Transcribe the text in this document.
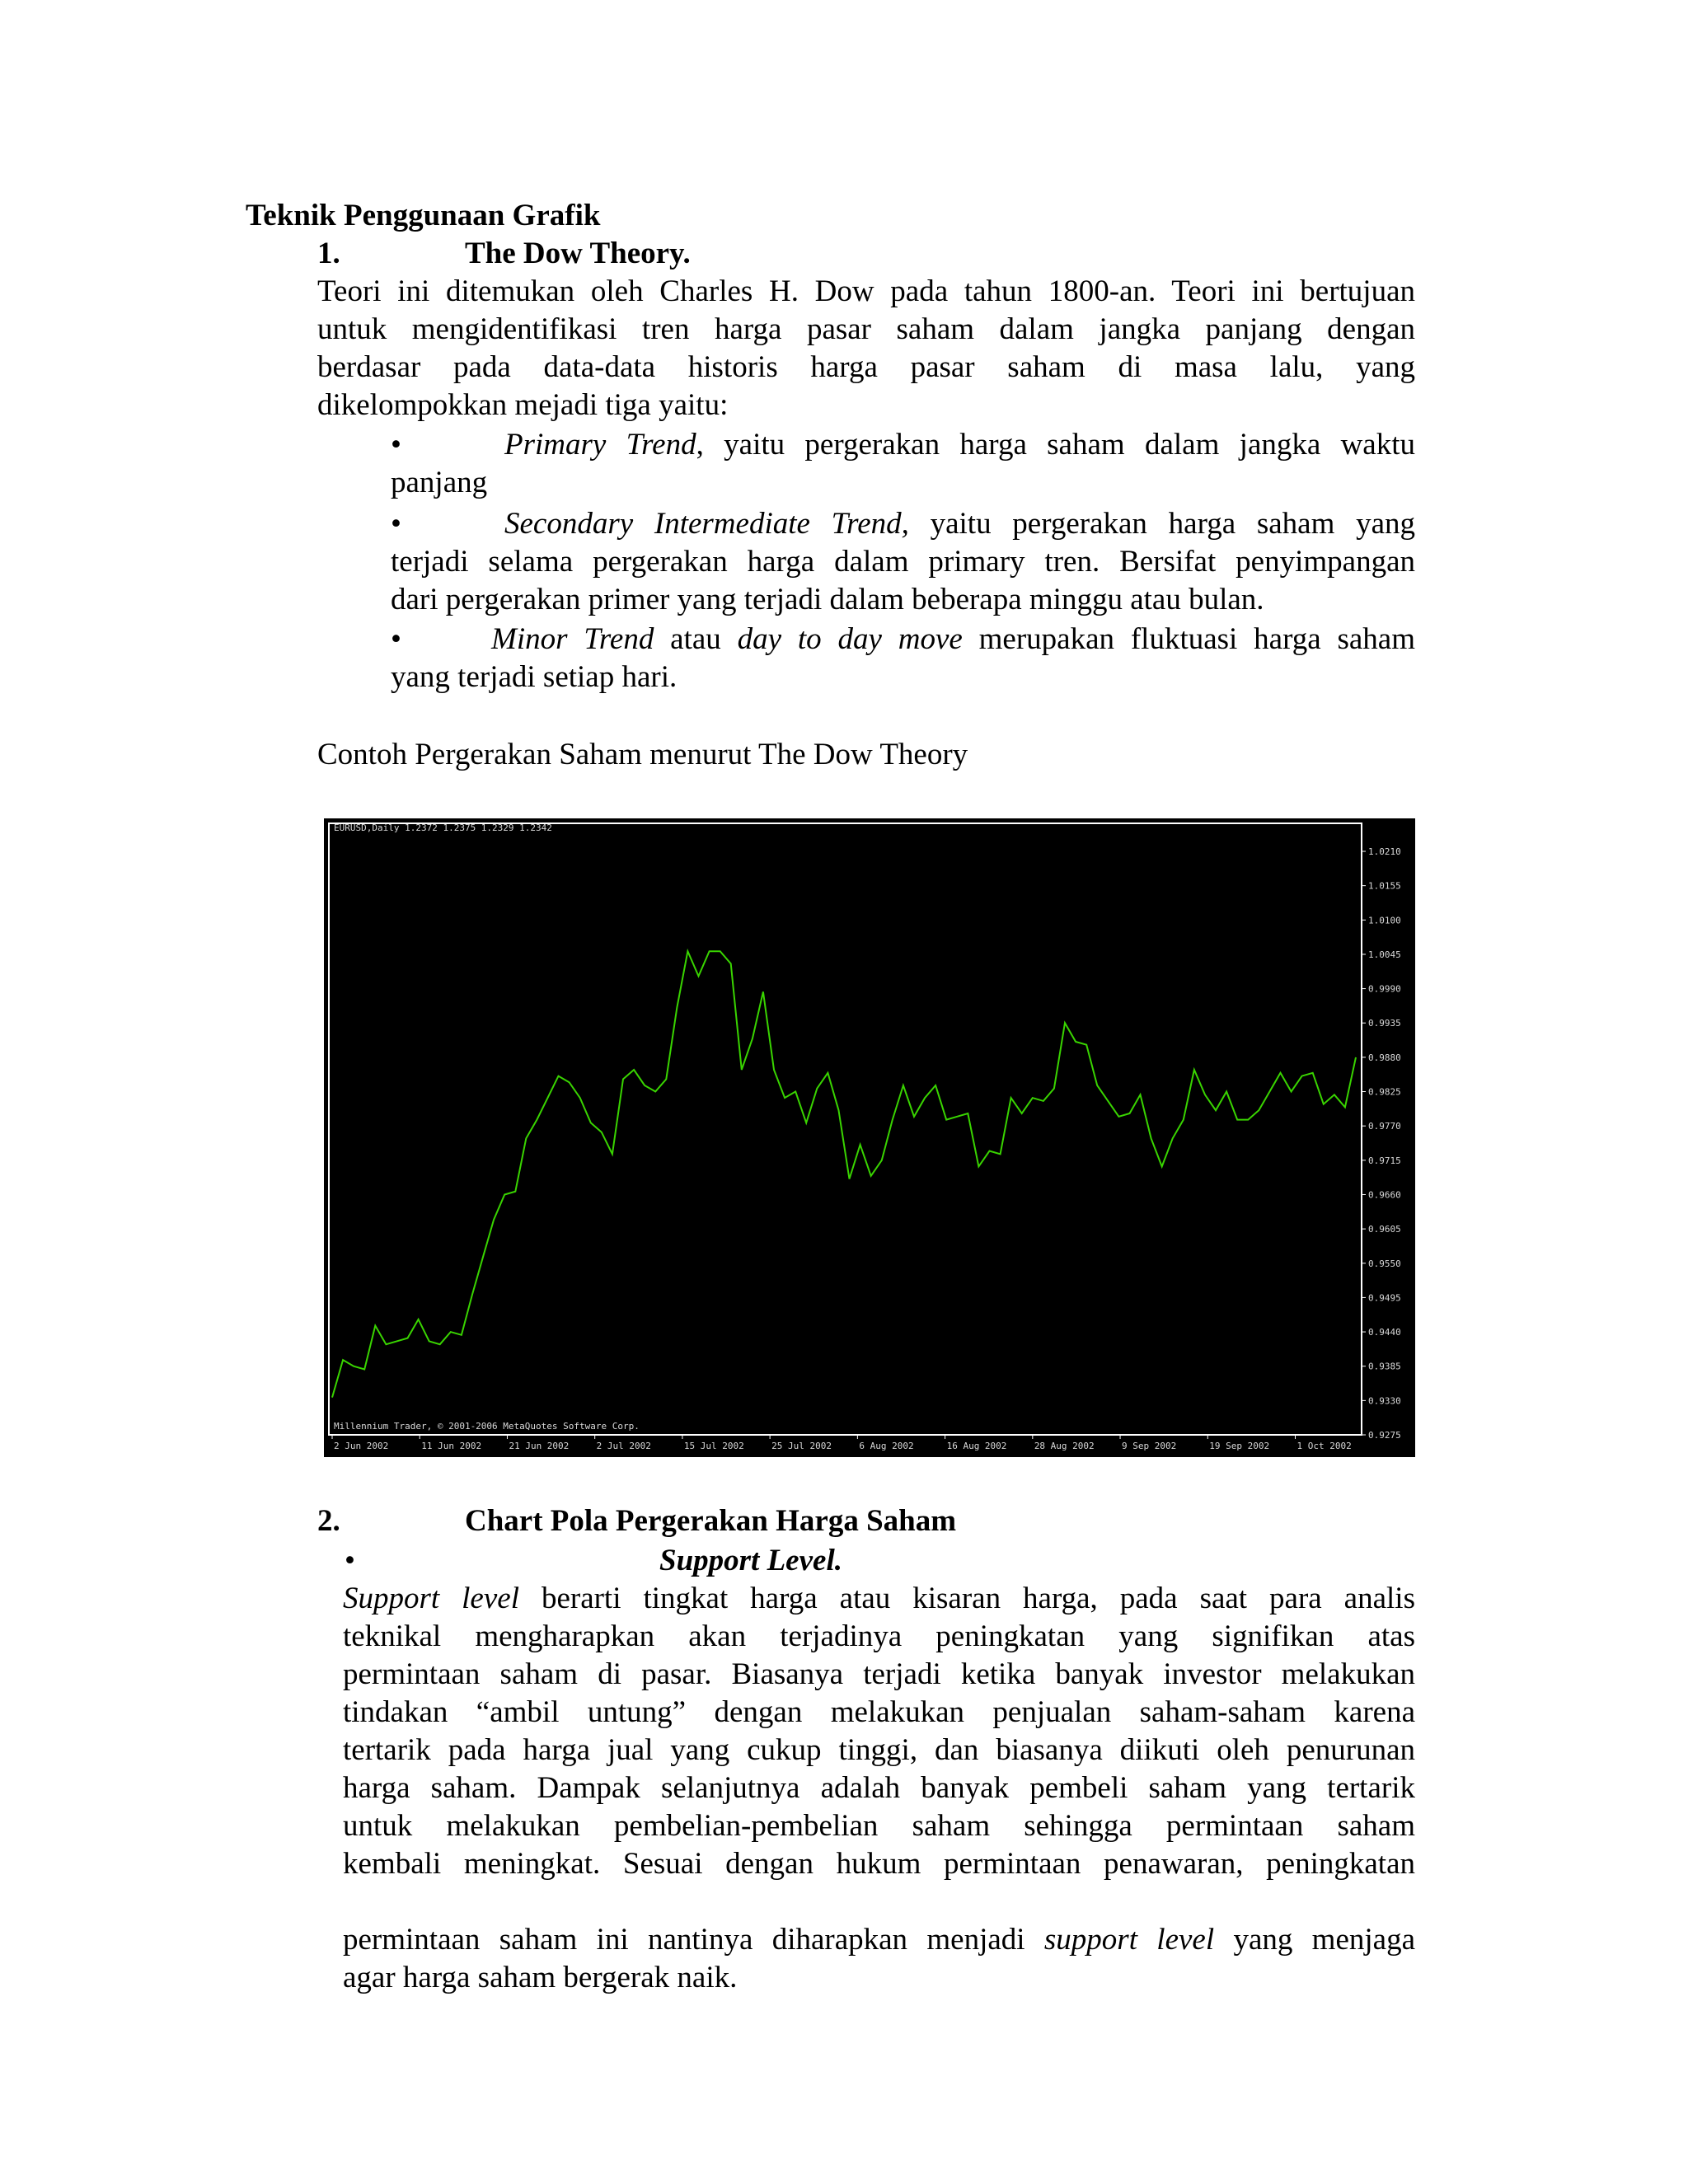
Teknik Penggunaan Grafik
1.	The Dow Theory.
Teori ini ditemukan oleh Charles H. Dow pada tahun 1800-an. Teori ini bertujuan
untuk mengidentifikasi tren harga pasar saham dalam jangka panjang dengan
berdasar pada data-data historis harga pasar saham di masa lalu, yang
dikelompokkan mejadi tiga yaitu:
•	Primary Trend, yaitu pergerakan harga saham dalam jangka waktu
panjang
•	Secondary Intermediate Trend, yaitu pergerakan harga saham yang
terjadi selama pergerakan harga dalam primary tren. Bersifat penyimpangan
dari pergerakan primer yang terjadi dalam beberapa minggu atau bulan.
•	Minor Trend atau day to day move merupakan fluktuasi harga saham
yang terjadi setiap hari.
Contoh Pergerakan Saham menurut The Dow Theory
EURUSD,Daily 1.2372 1.2375 1.2329 1.2342
Millennium Trader, © 2001-2006 MetaQuotes Software Corp.
1.0210
1.0155
1.0100
1.0045
0.9990
0.9935
0.9880
0.9825
0.9770
0.9715
0.9660
0.9605
0.9550
0.9495
0.9440
0.9385
0.9330
0.9275
2 Jun 2002	11 Jun 2002	21 Jun 2002	2 Jul 2002	15 Jul 2002	25 Jul 2002	6 Aug 2002	16 Aug 2002	28 Aug 2002	9 Sep 2002	19 Sep 2002	1 Oct 2002
2.	Chart Pola Pergerakan Harga Saham
•	Support Level.
Support level berarti tingkat harga atau kisaran harga, pada saat para analis
teknikal mengharapkan akan terjadinya peningkatan yang signifikan atas
permintaan saham di pasar. Biasanya terjadi ketika banyak investor melakukan
tindakan “ambil untung” dengan melakukan penjualan saham-saham karena
tertarik pada harga jual yang cukup tinggi, dan biasanya diikuti oleh penurunan
harga saham. Dampak selanjutnya adalah banyak pembeli saham yang tertarik
untuk melakukan pembelian-pembelian saham sehingga permintaan saham
kembali meningkat. Sesuai dengan hukum permintaan penawaran, peningkatan
permintaan saham ini nantinya diharapkan menjadi support level yang menjaga
agar harga saham bergerak naik.
